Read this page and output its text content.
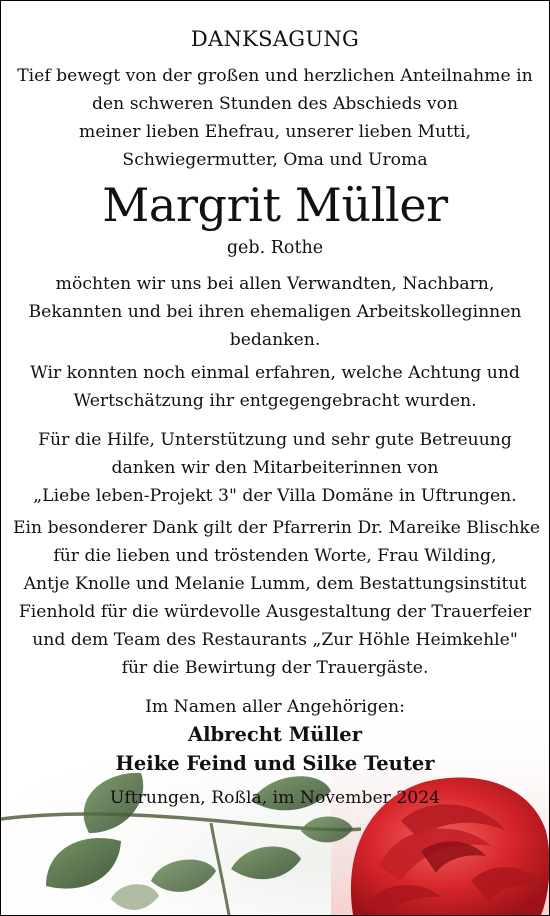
DANKSAGUNG
Tief bewegt von der großen und herzlichen Anteilnahme in
den schweren Stunden des Abschieds von
meiner lieben Ehefrau, unserer lieben Mutti,
Schwiegermutter, Oma und Uroma
Margrit Müller
geb. Rothe
möchten wir uns bei allen Verwandten, Nachbarn,
Bekannten und bei ihren ehemaligen Arbeitskolleginnen
bedanken.
Wir konnten noch einmal erfahren, welche Achtung und
Wertschätzung ihr entgegengebracht wurden.
Für die Hilfe, Unterstützung und sehr gute Betreuung
danken wir den Mitarbeiterinnen von
„Liebe leben-Projekt 3" der Villa Domäne in Uftrungen.
Ein besonderer Dank gilt der Pfarrerin Dr. Mareike Blischke
für die lieben und tröstenden Worte, Frau Wilding,
Antje Knolle und Melanie Lumm, dem Bestattungsinstitut
Fienhold für die würdevolle Ausgestaltung der Trauerfeier
und dem Team des Restaurants „Zur Höhle Heimkehle"
für die Bewirtung der Trauergäste.
Im Namen aller Angehörigen:
Albrecht Müller
Heike Feind und Silke Teuter
Uftrungen, Roßla, im November 2024
